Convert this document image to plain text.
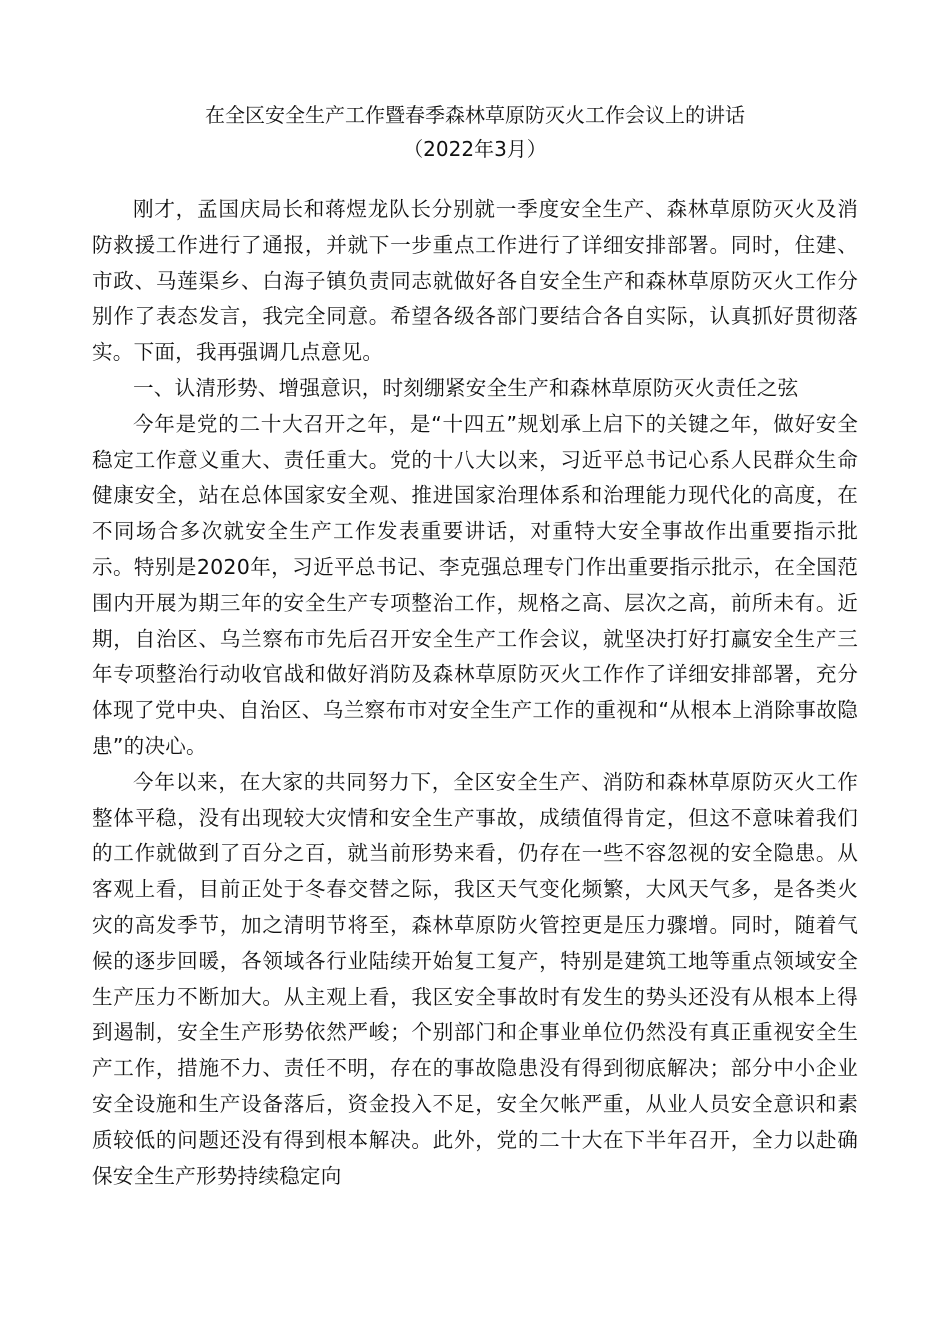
在全区安全生产工作暨春季森林草原防灭火工作会议上的讲话

（2022年3月）

刚才，孟国庆局长和蒋煜龙队长分别就一季度安全生产、森林草原防灭火及消防救援工作进行了通报，并就下一步重点工作进行了详细安排部署。同时，住建、市政、马莲渠乡、白海子镇负责同志就做好各自安全生产和森林草原防灭火工作分别作了表态发言，我完全同意。希望各级各部门要结合各自实际，认真抓好贯彻落实。下面，我再强调几点意见。

一、认清形势、增强意识，时刻绷紧安全生产和森林草原防灭火责任之弦

今年是党的二十大召开之年，是“十四五”规划承上启下的关键之年，做好安全稳定工作意义重大、责任重大。党的十八大以来，习近平总书记心系人民群众生命健康安全，站在总体国家安全观、推进国家治理体系和治理能力现代化的高度，在不同场合多次就安全生产工作发表重要讲话，对重特大安全事故作出重要指示批示。特别是2020年，习近平总书记、李克强总理专门作出重要指示批示，在全国范围内开展为期三年的安全生产专项整治工作，规格之高、层次之高，前所未有。近期，自治区、乌兰察布市先后召开安全生产工作会议，就坚决打好打赢安全生产三年专项整治行动收官战和做好消防及森林草原防灭火工作作了详细安排部署，充分体现了党中央、自治区、乌兰察布市对安全生产工作的重视和“从根本上消除事故隐患”的决心。

今年以来，在大家的共同努力下，全区安全生产、消防和森林草原防灭火工作整体平稳，没有出现较大灾情和安全生产事故，成绩值得肯定，但这不意味着我们的工作就做到了百分之百，就当前形势来看，仍存在一些不容忽视的安全隐患。从客观上看，目前正处于冬春交替之际，我区天气变化频繁，大风天气多，是各类火灾的高发季节，加之清明节将至，森林草原防火管控更是压力骤增。同时，随着气候的逐步回暖，各领域各行业陆续开始复工复产，特别是建筑工地等重点领域安全生产压力不断加大。从主观上看，我区安全事故时有发生的势头还没有从根本上得到遏制，安全生产形势依然严峻；个别部门和企事业单位仍然没有真正重视安全生产工作，措施不力、责任不明，存在的事故隐患没有得到彻底解决；部分中小企业安全设施和生产设备落后，资金投入不足，安全欠帐严重，从业人员安全意识和素质较低的问题还没有得到根本解决。此外，党的二十大在下半年召开，全力以赴确保安全生产形势持续稳定向
